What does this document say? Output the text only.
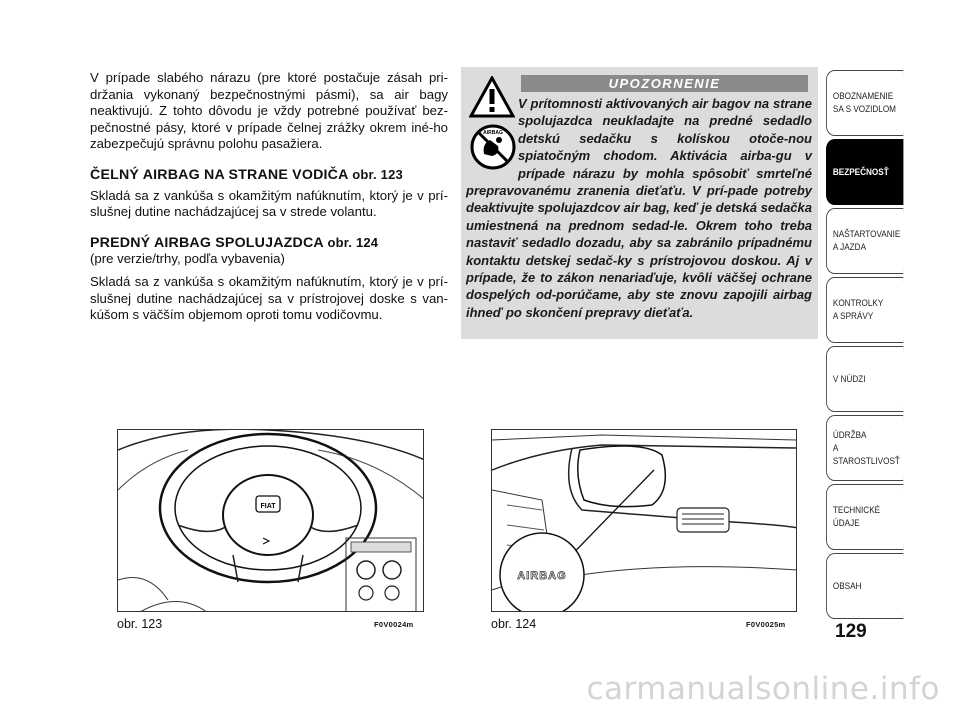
V prípade slabého nárazu (pre ktoré postačuje zásah pri-držania vykonaný bezpečnostnými pásmi), sa air bagy neaktivujú. Z tohto dôvodu je vždy potrebné používať bez-pečnostné pásy, ktoré v prípade čelnej zrážky okrem iné-ho zabezpečujú správnu polohu pasažiera.

ČELNÝ AIRBAG NA STRANE VODIČA obr. 123

Skladá sa z vankúša s okamžitým nafúknutím, ktorý je v prí-slušnej dutine nachádzajúcej sa v strede volantu.

PREDNÝ AIRBAG SPOLUJAZDCA obr. 124

(pre verzie/trhy, podľa vybavenia)

Skladá sa z vankúša s okamžitým nafúknutím, ktorý je v prí-slušnej dutine nachádzajúcej sa v prístrojovej doske s van-kúšom s väčším objemom oproti tomu vodičovmu.

UPOZORNENIE
AIRBAG
V prítomnosti aktivovaných air bagov na strane spolujazdca neukladajte na predné sedadlo detskú sedačku s kolískou otoče-nou spiatočným chodom. Aktivácia airba-gu v prípade nárazu by mohla spôsobiť smrteľné prepravovanému zranenia dieťaťu. V prí-pade potreby deaktivujte spolujazdcov air bag, keď je detská sedačka umiestnená na prednom sedad-le. Okrem toho treba nastaviť sedadlo dozadu, aby sa zabránilo prípadnému kontaktu detskej sedač-ky s prístrojovou doskou. Aj v prípade, že to zákon nenariaďuje, kvôli väčšej ochrane dospelých od-porúčame, aby ste znovu zapojili airbag ihneď po skončení prepravy dieťaťa.
FIAT
obr. 123	F0V0024m
AIRBAG
obr. 124	F0V0025m
OBOZNAMENIE
SA S VOZIDLOM
BEZPEČNOSŤ
NAŠTARTOVANIE
A JAZDA
KONTROLKY
A SPRÁVY
V NÚDZI
ÚDRŽBA
A STAROSTLIVOSŤ
TECHNICKÉ
ÚDAJE
OBSAH
129
carmanualsonline.info
